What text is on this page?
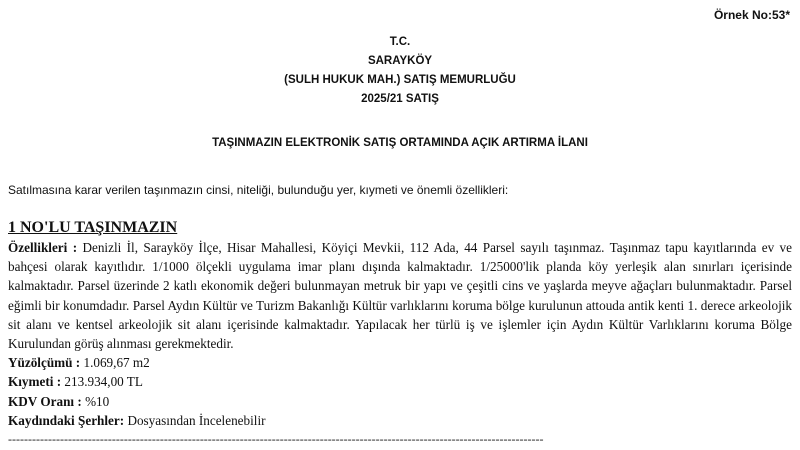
Örnek No:53*
T.C.
SARAYKÖY
(SULH HUKUK MAH.) SATIŞ MEMURLUĞU
2025/21 SATIŞ
TAŞINMAZIN ELEKTRONİK SATIŞ ORTAMINDA AÇIK ARTIRMA İLANI
Satılmasına karar verilen taşınmazın cinsi, niteliği, bulunduğu yer, kıymeti ve önemli özellikleri:
1 NO'LU TAŞINMAZIN

Özellikleri : Denizli İl, Sarayköy İlçe, Hisar Mahallesi, Köyiçi Mevkii, 112 Ada, 44 Parsel sayılı taşınmaz. Taşınmaz tapu kayıtlarında ev ve bahçesi olarak kayıtlıdır. 1/1000 ölçekli uygulama imar planı dışında kalmaktadır. 1/25000'lik planda köy yerleşik alan sınırları içerisinde kalmaktadır. Parsel üzerinde 2 katlı ekonomik değeri bulunmayan metruk bir yapı ve çeşitli cins ve yaşlarda meyve ağaçları bulunmaktadır. Parsel eğimli bir konumdadır. Parsel Aydın Kültür ve Turizm Bakanlığı Kültür varlıklarını koruma bölge kurulunun attouda antik kenti 1. derece arkeolojik sit alanı ve kentsel arkeolojik sit alanı içerisinde kalmaktadır. Yapılacak her türlü iş ve işlemler için Aydın Kültür Varlıklarını koruma Bölge Kurulundan görüş alınması gerekmektedir.

Yüzölçümü : 1.069,67 m2

Kıymeti : 213.934,00 TL

KDV Oranı : %10

Kaydındaki Şerhler: Dosyasından İncelenebilir

--------------------------------------------------------------------------------------------------------------------------------------
